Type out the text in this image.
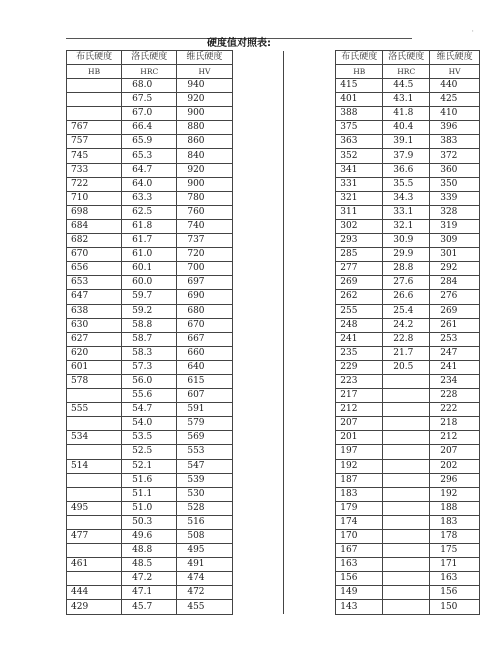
'
硬度值对照表:
布氏硬度	洛氏硬度	维氏硬度			布氏硬度	洛氏硬度	维氏硬度
HB	HRC	HV			HB	HRC	HV
	68.0	940			415	44.5	440
	67.5	920			401	43.1	425
	67.0	900			388	41.8	410
767	66.4	880			375	40.4	396
757	65.9	860			363	39.1	383
745	65.3	840			352	37.9	372
733	64.7	920			341	36.6	360
722	64.0	900			331	35.5	350
710	63.3	780			321	34.3	339
698	62.5	760			311	33.1	328
684	61.8	740			302	32.1	319
682	61.7	737			293	30.9	309
670	61.0	720			285	29.9	301
656	60.1	700			277	28.8	292
653	60.0	697			269	27.6	284
647	59.7	690			262	26.6	276
638	59.2	680			255	25.4	269
630	58.8	670			248	24.2	261
627	58.7	667			241	22.8	253
620	58.3	660			235	21.7	247
601	57.3	640			229	20.5	241
578	56.0	615			223		234
	55.6	607			217		228
555	54.7	591			212		222
	54.0	579			207		218
534	53.5	569			201		212
	52.5	553			197		207
514	52.1	547			192		202
	51.6	539			187		296
	51.1	530			183		192
495	51.0	528			179		188
	50.3	516			174		183
477	49.6	508			170		178
	48.8	495			167		175
461	48.5	491			163		171
	47.2	474			156		163
444	47.1	472			149		156
429	45.7	455			143		150
